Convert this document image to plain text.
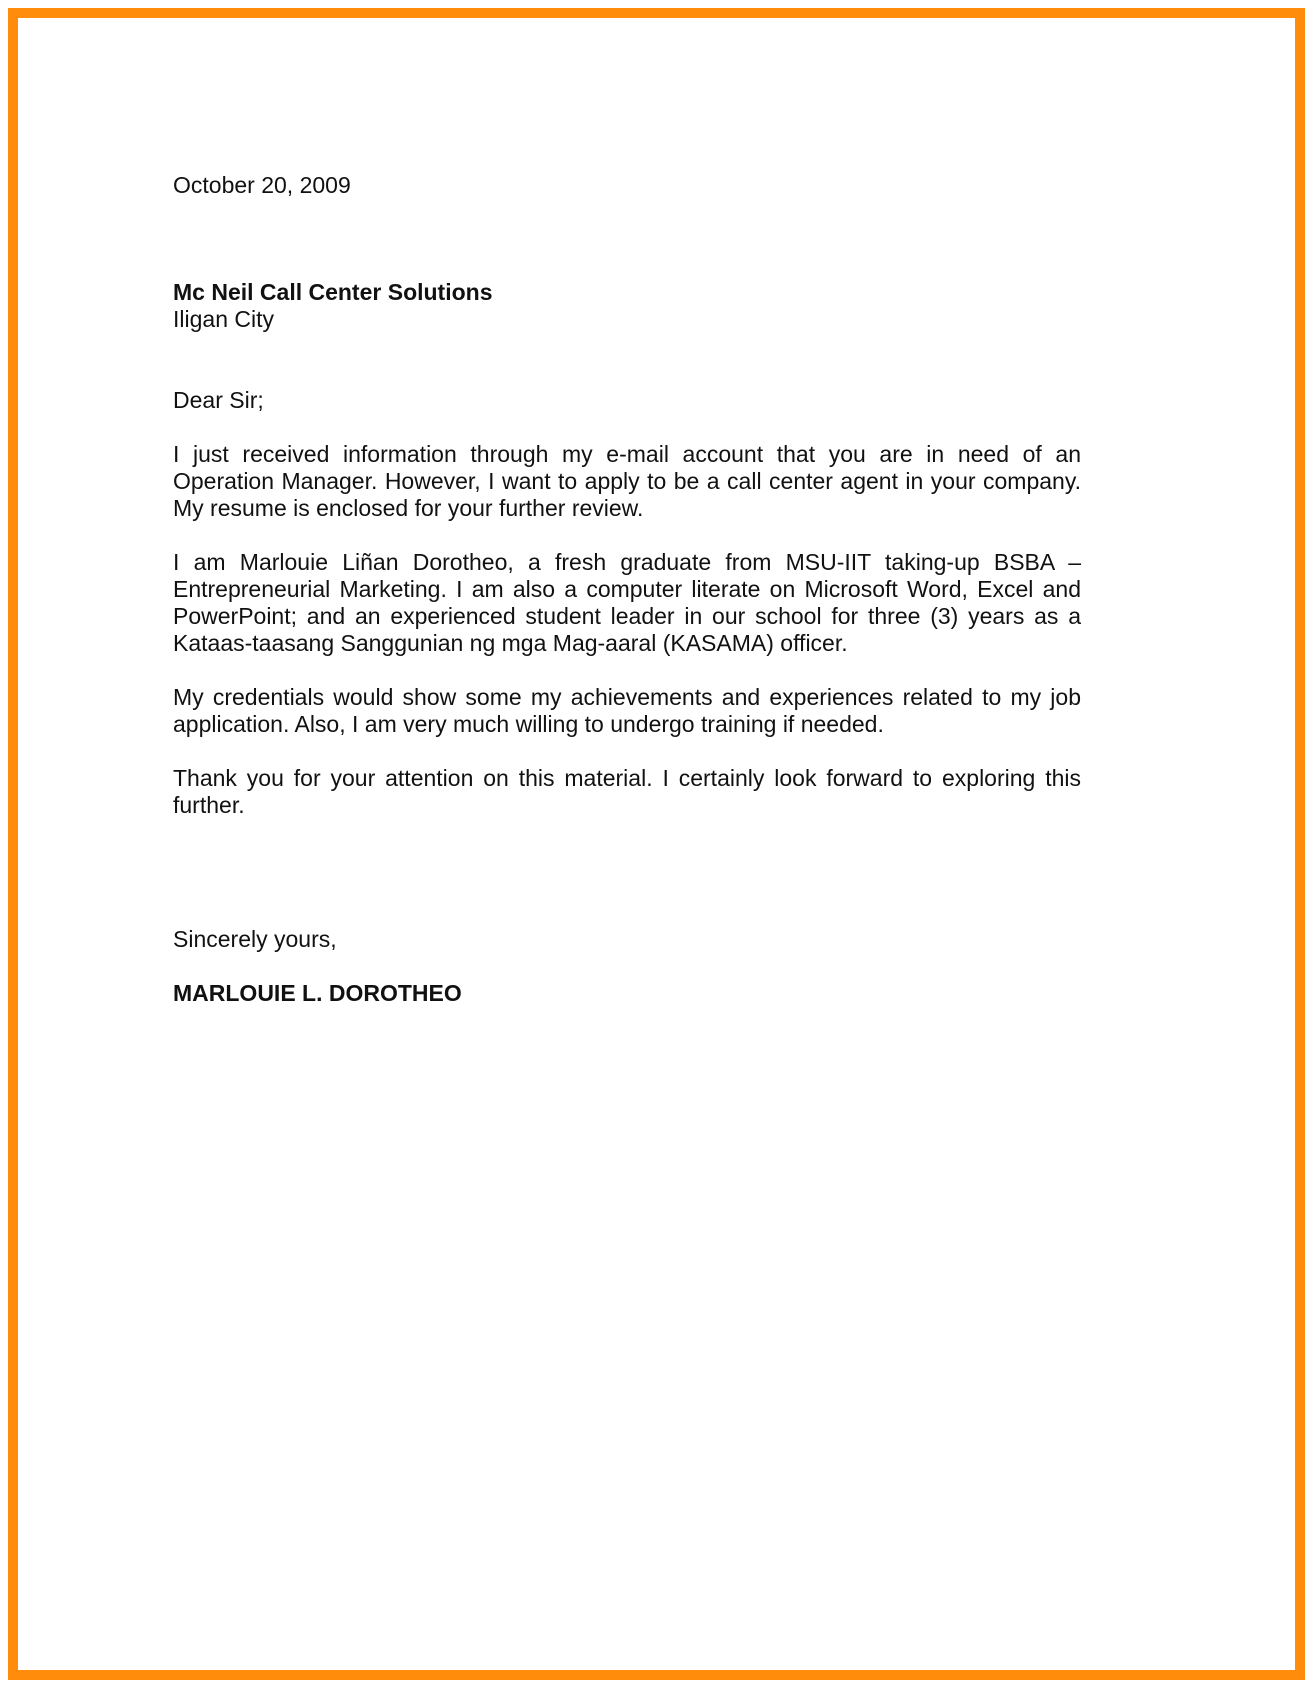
October 20, 2009

Mc Neil Call Center Solutions

Iligan City

Dear Sir;

I just received information through my e-mail account that you are in need of an Operation Manager. However, I want to apply to be a call center agent in your company. My resume is enclosed for your further review.

I am Marlouie Liñan Dorotheo, a fresh graduate from MSU-IIT taking-up BSBA – Entrepreneurial Marketing. I am also a computer literate on Microsoft Word, Excel and PowerPoint; and an experienced student leader in our school for three (3) years as a Kataas-taasang Sanggunian ng mga Mag-aaral (KASAMA) officer.

My credentials would show some my achievements and experiences related to my job application. Also, I am very much willing to undergo training if needed.

Thank you for your attention on this material. I certainly look forward to exploring this further.

Sincerely yours,

MARLOUIE L. DOROTHEO
